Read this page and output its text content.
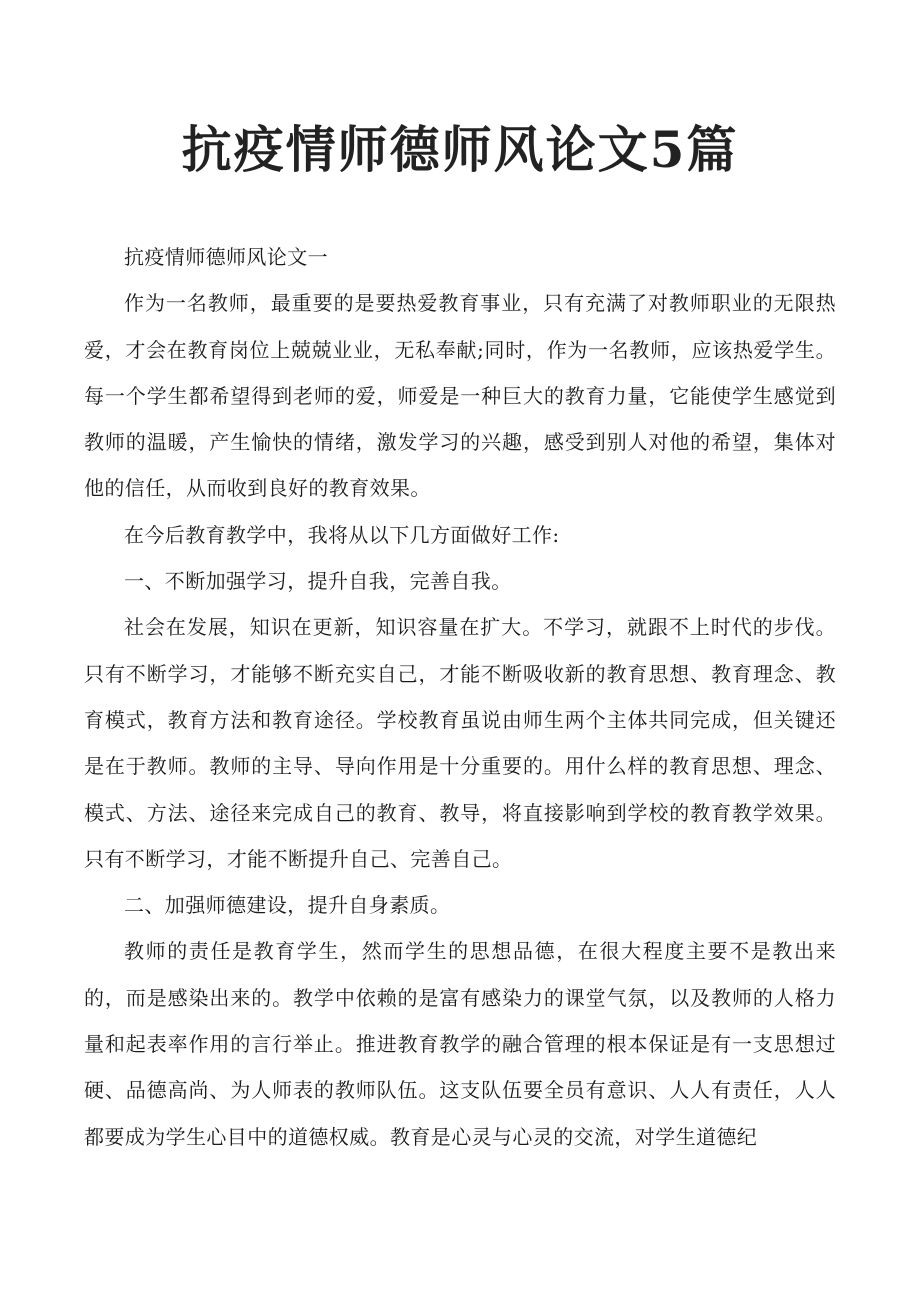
抗疫情师德师风论文5篇

抗疫情师德师风论文一

作为一名教师，最重要的是要热爱教育事业，只有充满了对教师职业的无限热爱，才会在教育岗位上兢兢业业，无私奉献;同时，作为一名教师，应该热爱学生。每一个学生都希望得到老师的爱，师爱是一种巨大的教育力量，它能使学生感觉到教师的温暖，产生愉快的情绪，激发学习的兴趣，感受到别人对他的希望，集体对他的信任，从而收到良好的教育效果。

在今后教育教学中，我将从以下几方面做好工作:

一、不断加强学习，提升自我，完善自我。

社会在发展，知识在更新，知识容量在扩大。不学习，就跟不上时代的步伐。只有不断学习，才能够不断充实自己，才能不断吸收新的教育思想、教育理念、教育模式，教育方法和教育途径。学校教育虽说由师生两个主体共同完成，但关键还是在于教师。教师的主导、导向作用是十分重要的。用什么样的教育思想、理念、模式、方法、途径来完成自己的教育、教导，将直接影响到学校的教育教学效果。只有不断学习，才能不断提升自己、完善自己。

二、加强师德建设，提升自身素质。

教师的责任是教育学生，然而学生的思想品德，在很大程度主要不是教出来的，而是感染出来的。教学中依赖的是富有感染力的课堂气氛，以及教师的人格力量和起表率作用的言行举止。推进教育教学的融合管理的根本保证是有一支思想过硬、品德高尚、为人师表的教师队伍。这支队伍要全员有意识、人人有责任，人人都要成为学生心目中的道德权威。教育是心灵与心灵的交流，对学生道德纪
